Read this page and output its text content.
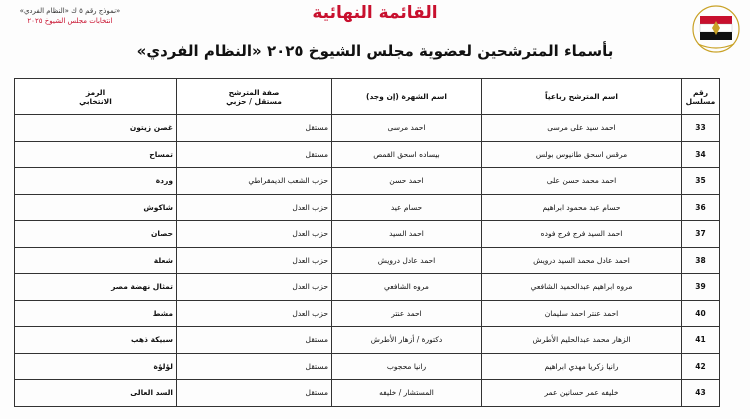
القائمة النهائية
«نموذج رقم ٥ ك «النظام الفردي»
انتخابات مجلس الشيوخ ٢٠٢٥
بأسماء المترشحين لعضوية مجلس الشيوخ ٢٠٢٥ «النظام الفردي»
رقم
مسلسل	اسم المترشح رباعياً	اسم الشهرة (إن وجد)	صفة المترشح
مستقل / حزبي	الرمز
الانتخابي

33	احمد سيد على مرسى	احمد مرسى	مستقل	غصن زيتون
34	مرقس اسحق طانيوس بولس	بيساده اسحق القمص	مستقل	تمساح
35	احمد محمد حسن على	احمد حسن	حزب الشعب الديمقراطي	وردة
36	حسام عبد محمود ابراهيم	حسام عيد	حزب العدل	شاكوش
37	احمد السيد فرج فرج فوده	احمد السيد	حزب العدل	حصان
38	احمد عادل محمد السيد درويش	احمد عادل درويش	حزب العدل	شعلة
39	مروه ابراهيم عبدالحميد الشافعي	مروه الشافعي	حزب العدل	تمثال نهضة مصر
40	احمد عنتر احمد سليمان	احمد عنتر	حزب العدل	مشط
41	الزهار محمد عبدالحليم الأطرش	دكتورة / أزهار الأطرش	مستقل	سبيكة ذهب
42	رانيا زكريا مهدي ابراهيم	رانيا محجوب	مستقل	لؤلؤة
43	خليفه عمر حسانين عمر	المستشار / خليفه	مستقل	السد العالى
